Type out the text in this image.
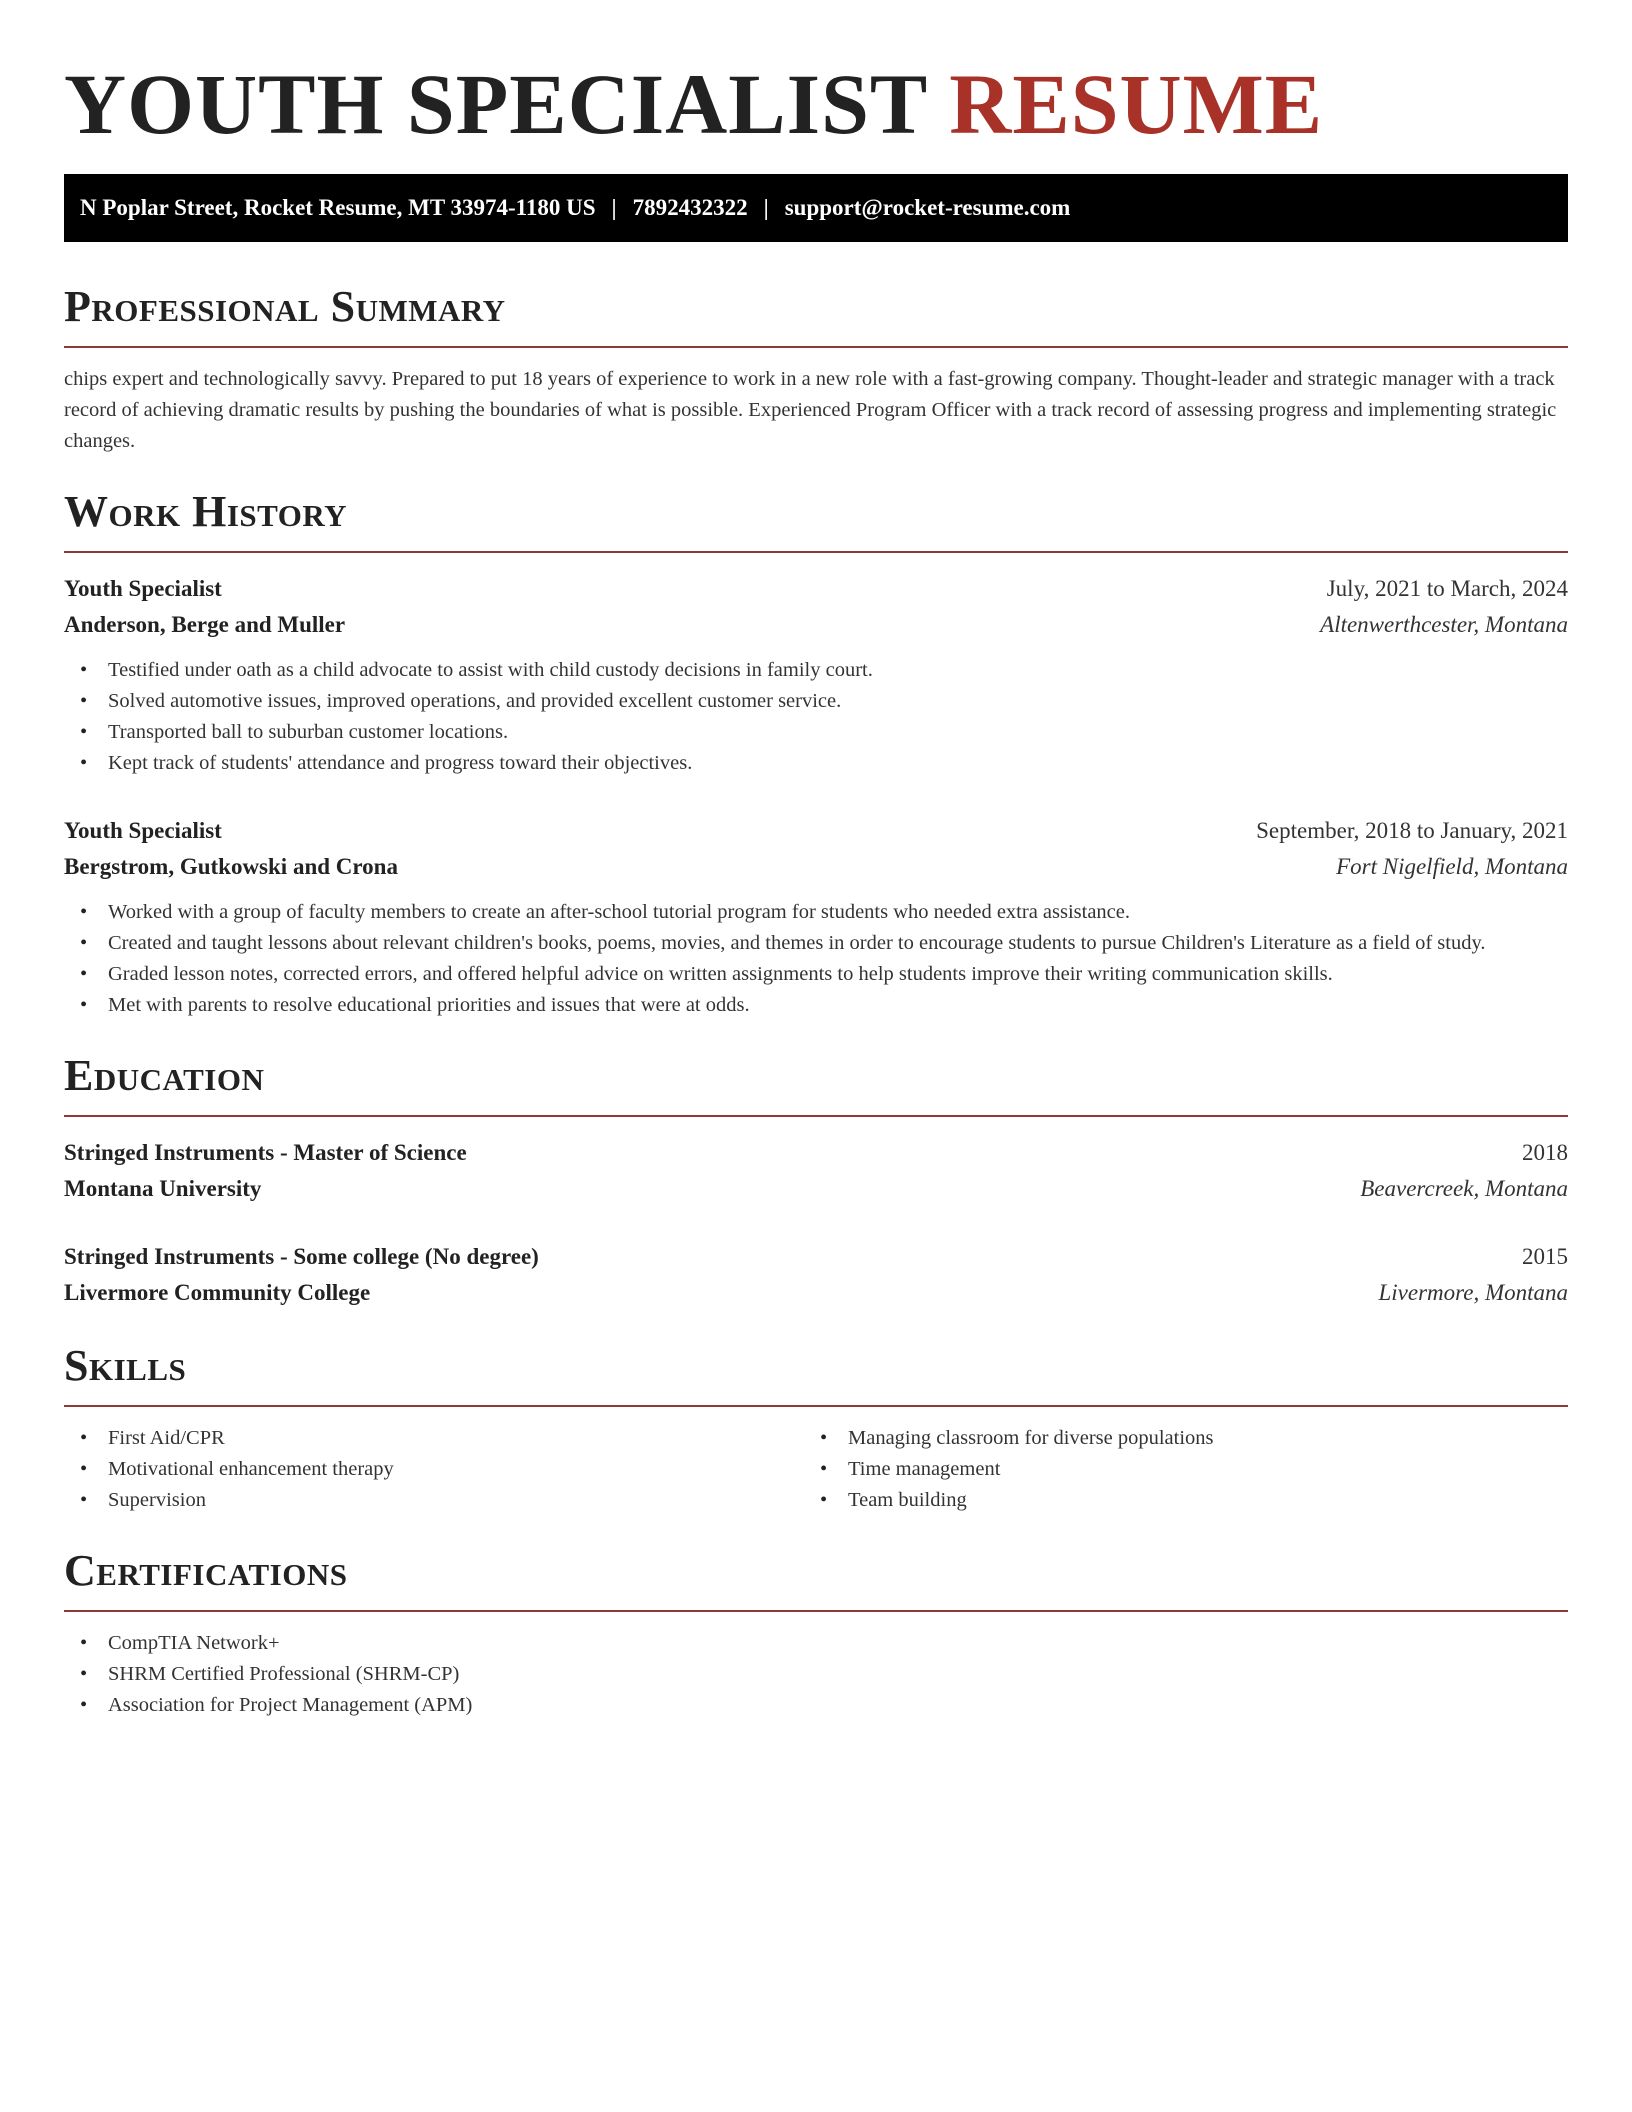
YOUTH SPECIALIST RESUME
N Poplar Street, Rocket Resume, MT 33974-1180 US | 7892432322 | support@rocket-resume.com
Professional Summary

chips expert and technologically savvy. Prepared to put 18 years of experience to work in a new role with a fast-growing company. Thought-leader and strategic manager with a track record of achieving dramatic results by pushing the boundaries of what is possible. Experienced Program Officer with a track record of assessing progress and implementing strategic changes.

Work History
Youth Specialist	July, 2021 to March, 2024
Anderson, Berge and Muller	Altenwerthcester, Montana
• Testified under oath as a child advocate to assist with child custody decisions in family court.
• Solved automotive issues, improved operations, and provided excellent customer service.
• Transported ball to suburban customer locations.
• Kept track of students' attendance and progress toward their objectives.
Youth Specialist	September, 2018 to January, 2021
Bergstrom, Gutkowski and Crona	Fort Nigelfield, Montana
• Worked with a group of faculty members to create an after-school tutorial program for students who needed extra assistance.
• Created and taught lessons about relevant children's books, poems, movies, and themes in order to encourage students to pursue Children's Literature as a field of study.
• Graded lesson notes, corrected errors, and offered helpful advice on written assignments to help students improve their writing communication skills.
• Met with parents to resolve educational priorities and issues that were at odds.
Education
Stringed Instruments - Master of Science	2018
Montana University	Beavercreek, Montana
Stringed Instruments - Some college (No degree)	2015
Livermore Community College	Livermore, Montana
Skills
• First Aid/CPR
• Motivational enhancement therapy
• Supervision
• Managing classroom for diverse populations
• Time management
• Team building
Certifications
• CompTIA Network+
• SHRM Certified Professional (SHRM-CP)
• Association for Project Management (APM)
